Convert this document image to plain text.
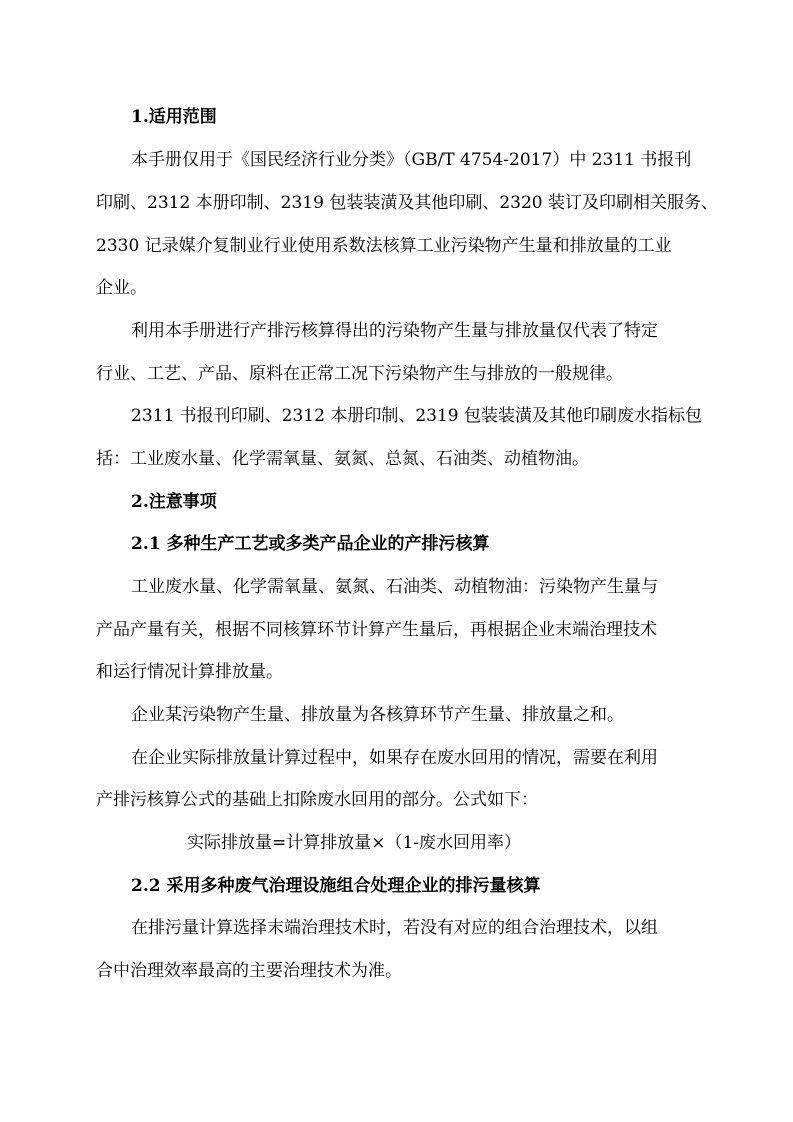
1.适用范围
本手册仅用于《国民经济行业分类》（GB/T 4754-2017）中 2311 书报刊
印刷、2312 本册印制、2319 包装装潢及其他印刷、2320 装订及印刷相关服务、
2330 记录媒介复制业行业使用系数法核算工业污染物产生量和排放量的工业
企业。
利用本手册进行产排污核算得出的污染物产生量与排放量仅代表了特定
行业、工艺、产品、原料在正常工况下污染物产生与排放的一般规律。
2311 书报刊印刷、2312 本册印制、2319 包装装潢及其他印刷废水指标包
括：工业废水量、化学需氧量、氨氮、总氮、石油类、动植物油。
2.注意事项
2.1 多种生产工艺或多类产品企业的产排污核算
工业废水量、化学需氧量、氨氮、石油类、动植物油：污染物产生量与
产品产量有关，根据不同核算环节计算产生量后，再根据企业末端治理技术
和运行情况计算排放量。
企业某污染物产生量、排放量为各核算环节产生量、排放量之和。
在企业实际排放量计算过程中，如果存在废水回用的情况，需要在利用
产排污核算公式的基础上扣除废水回用的部分。公式如下：
实际排放量=计算排放量×（1-废水回用率）
2.2 采用多种废气治理设施组合处理企业的排污量核算
在排污量计算选择末端治理技术时，若没有对应的组合治理技术，以组
合中治理效率最高的主要治理技术为准。
